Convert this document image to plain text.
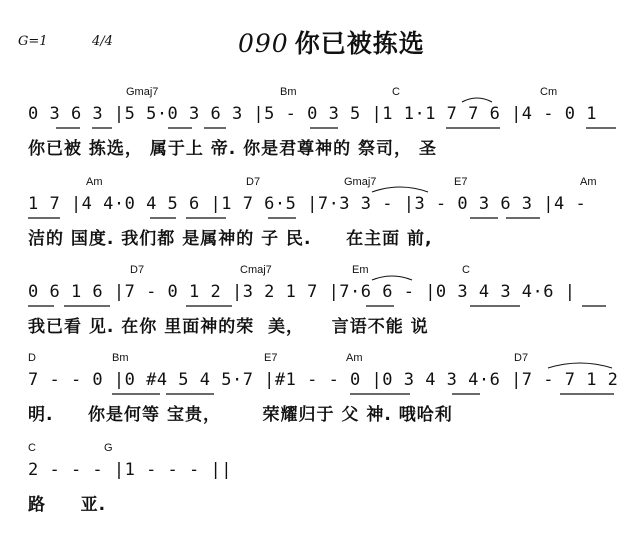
G=1	4/4	090 你已被拣选
Gmaj7	Bm	C	Cm
0 3 6 3 |5 5·0 3 6 3 |5 - 0 3 5 |1 1·1 7 7 6 |4 - 0 1
你已被 拣选， 属于上 帝. 你是君尊神的 祭司， 圣
Am	D7	Gmaj7	E7	Am
1 7 |4 4·0 4 5 6 |1 7 6·5 |7·3 3 - |3 - 0 3 6 3 |4 -
洁的 国度. 我们都 是属神的 子 民.     在主面 前,
D7	Cmaj7	Em	C
0 6 1 6 |7 - 0 1 2 |3 2 1 7 |7·6 6 - |0 3 4 3 4·6 |
我已看 见. 在你 里面神的荣  美，    言语不能 说
D	Bm	E7	Am	D7
7 - - 0 |0 #4 5 4 5·7 |#1 - - 0 |0 3 4 3 4·6 |7 - 7 1 2
明.     你是何等 宝贵，      荣耀归于 父 神. 哦哈利
C	G
2 - - - |1 - - - ||
路     亚.
